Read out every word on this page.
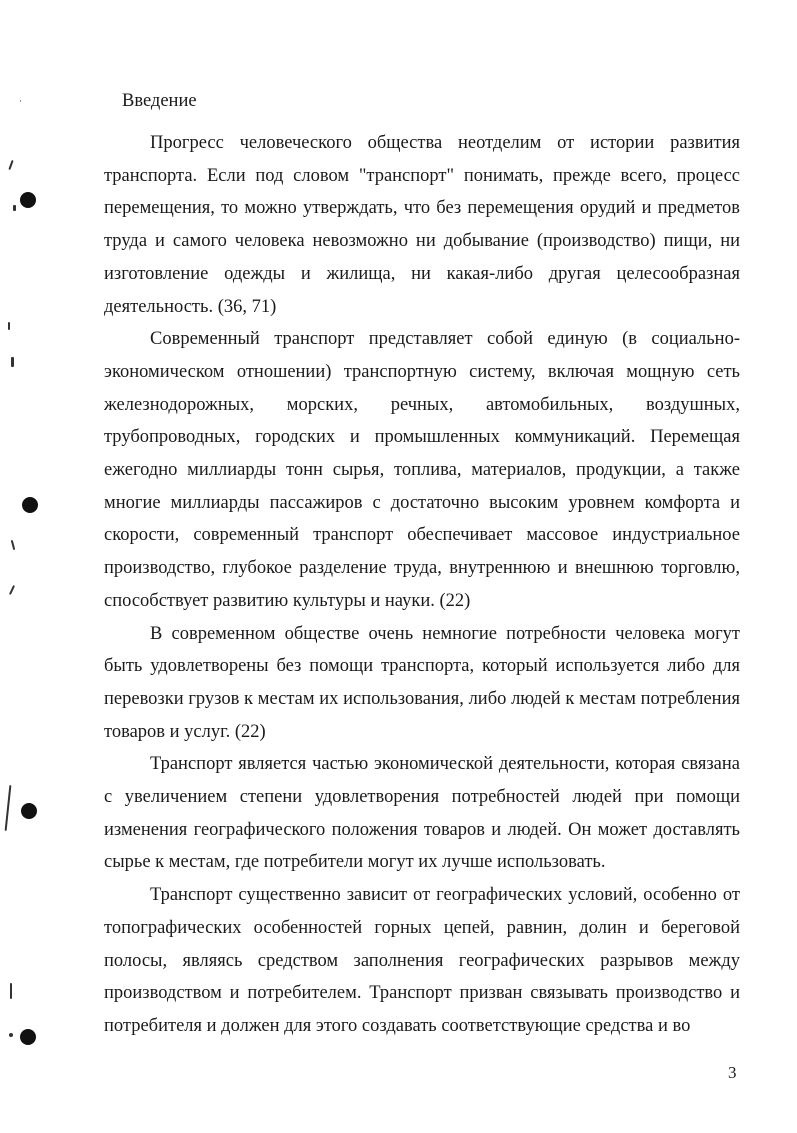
Введение

Прогресс человеческого общества неотделим от истории развития транспорта. Если под словом "транспорт" понимать, прежде всего, процесс перемещения, то можно утверждать, что без перемещения орудий и предметов труда и самого человека невозможно ни добывание (производство) пищи, ни изготовление одежды и жилища, ни какая-либо другая целесообразная деятельность. (36, 71)

Современный транспорт представляет собой единую (в социально-экономическом отношении) транспортную систему, включая мощную сеть железнодорожных, морских, речных, автомобильных, воздушных, трубопроводных, городских и промышленных коммуникаций. Перемещая ежегодно миллиарды тонн сырья, топлива, материалов, продукции, а также многие миллиарды пассажиров с достаточно высоким уровнем комфорта и скорости, современный транспорт обеспечивает массовое индустриальное производство, глубокое разделение труда, внутреннюю и внешнюю торговлю, способствует развитию культуры и науки. (22)

В современном обществе очень немногие потребности человека могут быть удовлетворены без помощи транспорта, который используется либо для перевозки грузов к местам их использования, либо людей к местам потребления товаров и услуг. (22)

Транспорт является частью экономической деятельности, которая связана с увеличением степени удовлетворения потребностей людей при помощи изменения географического положения товаров и людей. Он может доставлять сырье к местам, где потребители могут их лучше использовать.

Транспорт существенно зависит от географических условий, особенно от топографических особенностей горных цепей, равнин, долин и береговой полосы, являясь средством заполнения географических разрывов между производством и потребителем. Транспорт призван связывать производство и потребителя и должен для этого создавать соответствующие средства и во

3
